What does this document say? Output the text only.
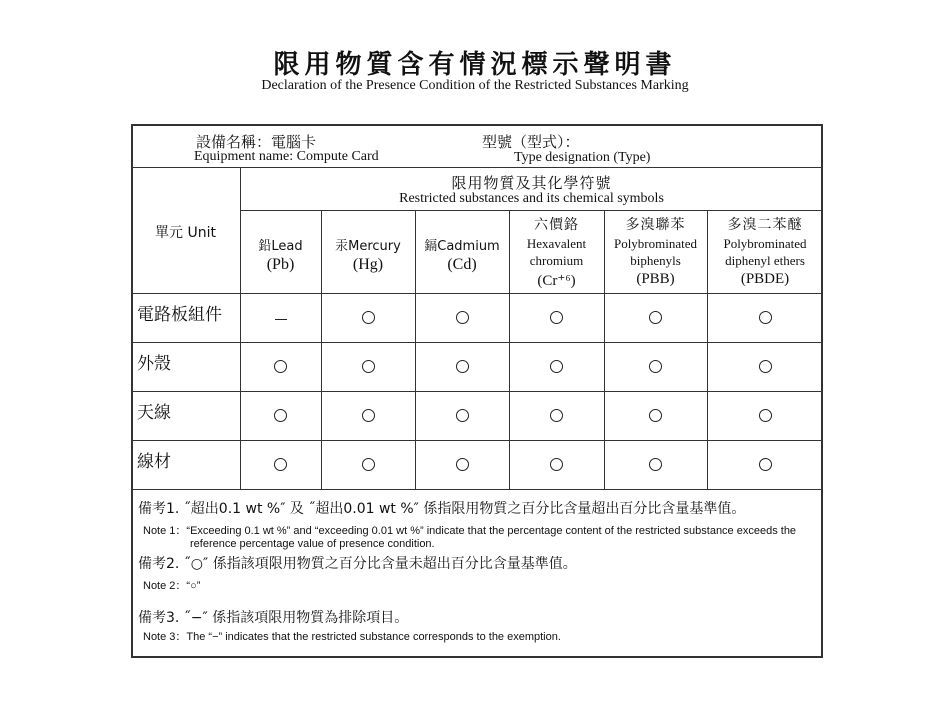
限用物質含有情況標示聲明書
Declaration of the Presence Condition of the Restricted Substances Marking
設備名稱：電腦卡
Equipment name: Compute Card
型號（型式）：
Type designation (Type)
單元 Unit
限用物質及其化學符號
Restricted substances and its chemical symbols
鉛Lead
(Pb)
汞Mercury
(Hg)
鎘Cadmium
(Cd)
六價鉻
Hexavalent
chromium
(Cr⁺⁶)
多溴聯苯
Polybrominated
biphenyls
(PBB)
多溴二苯醚
Polybrominated
diphenyl ethers
(PBDE)
電路板組件
外殼
天線
線材
備考1. ˝超出0.1 wt %″ 及 ˝超出0.01 wt %″ 係指限用物質之百分比含量超出百分比含量基準值。
Note 1：“Exceeding 0.1 wt %” and “exceeding 0.01 wt %” indicate that the percentage content of the restricted substance exceeds the
reference percentage value of presence condition.
備考2. ˝○″ 係指該項限用物質之百分比含量未超出百分比含量基準值。
Note 2：“○”
備考3. ˝−″ 係指該項限用物質為排除項目。
Note 3：The “−” indicates that the restricted substance corresponds to the exemption.
